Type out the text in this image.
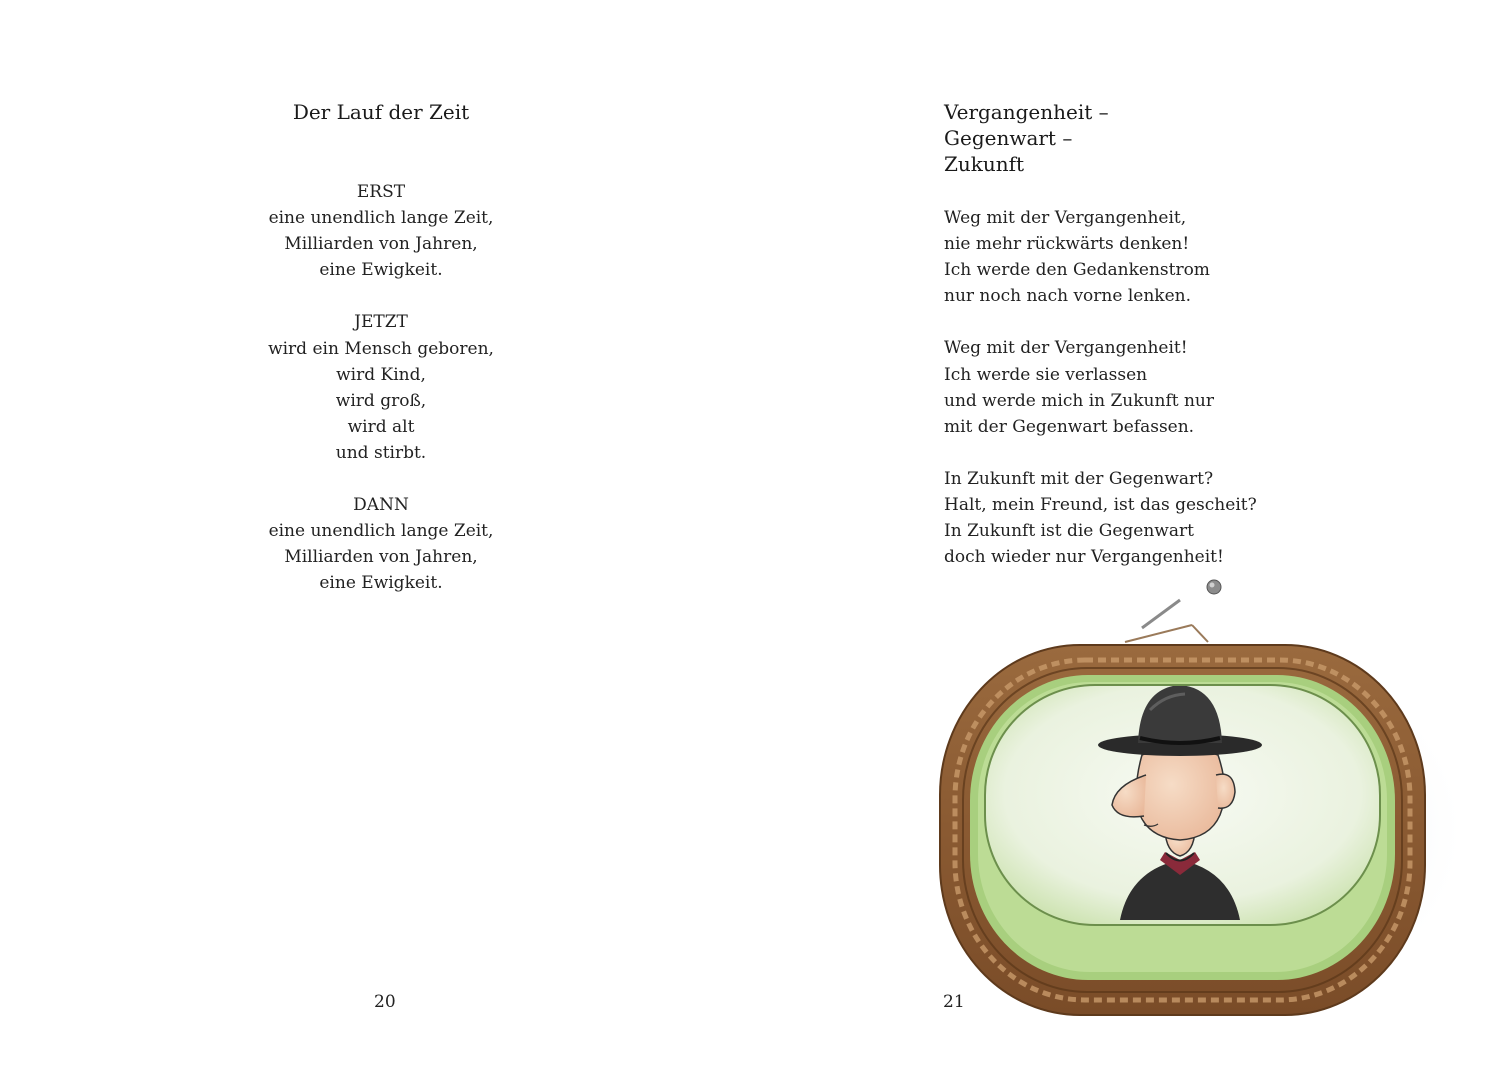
Der Lauf der Zeit
ERST
eine unendlich lange Zeit,
Milliarden von Jahren,
eine Ewigkeit.
JETZT
wird ein Mensch geboren,
wird Kind,
wird groß,
wird alt
und stirbt.
DANN
eine unendlich lange Zeit,
Milliarden von Jahren,
eine Ewigkeit.
20
Vergangenheit –
Gegenwart –
Zukunft
Weg mit der Vergangenheit,
nie mehr rückwärts denken!
Ich werde den Gedankenstrom
nur noch nach vorne lenken.
Weg mit der Vergangenheit!
Ich werde sie verlassen
und werde mich in Zukunft nur
mit der Gegenwart befassen.
In Zukunft mit der Gegenwart?
Halt, mein Freund, ist das gescheit?
In Zukunft ist die Gegenwart
doch wieder nur Vergangenheit!
21
